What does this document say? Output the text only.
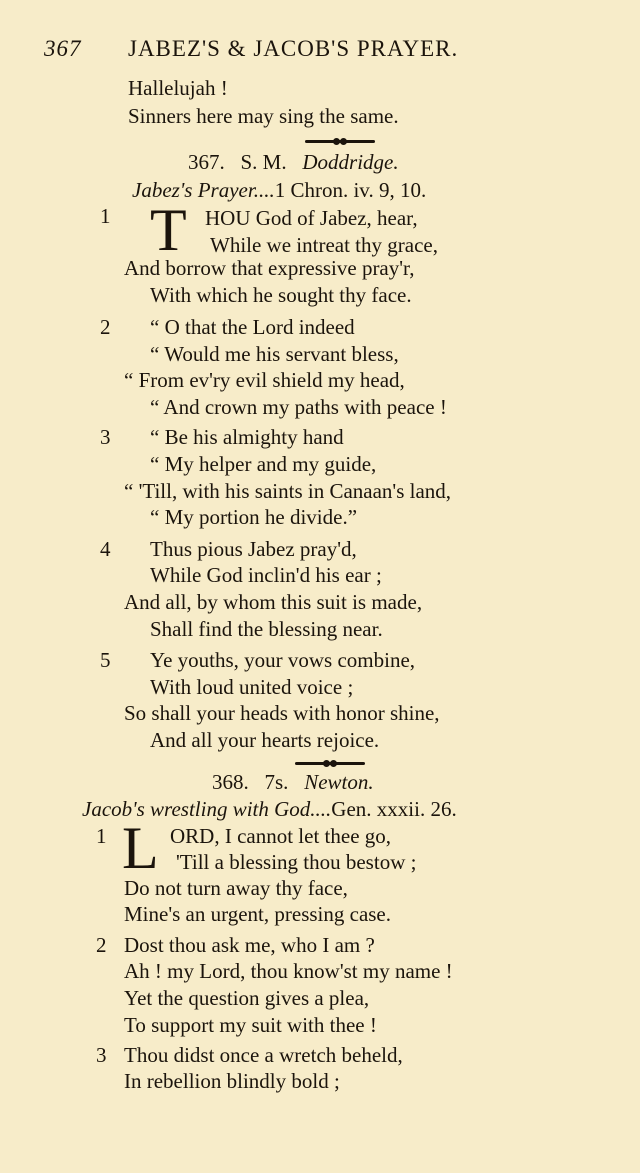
367 JABEZ'S & JACOB'S PRAYER.
Hallelujah !
Sinners here may sing the same.
367. S. M. Doddridge.
Jabez's Prayer....1 Chron. iv. 9, 10.
1 T HOU God of Jabez, hear,
While we intreat thy grace,
And borrow that expressive pray'r,
With which he sought thy face.
2 “ O that the Lord indeed
“ Would me his servant bless,
“ From ev'ry evil shield my head,
“ And crown my paths with peace !
3 “ Be his almighty hand
“ My helper and my guide,
“ 'Till, with his saints in Canaan's land,
“ My portion he divide.”
4 Thus pious Jabez pray'd,
While God inclin'd his ear ;
And all, by whom this suit is made,
Shall find the blessing near.
5 Ye youths, your vows combine,
With loud united voice ;
So shall your heads with honor shine,
And all your hearts rejoice.
368. 7s. Newton.
Jacob's wrestling with God....Gen. xxxii. 26.
1 L ORD, I cannot let thee go,
'Till a blessing thou bestow ;
Do not turn away thy face,
Mine's an urgent, pressing case.
2 Dost thou ask me, who I am ?
Ah ! my Lord, thou know'st my name !
Yet the question gives a plea,
To support my suit with thee !
3 Thou didst once a wretch beheld,
In rebellion blindly bold ;
